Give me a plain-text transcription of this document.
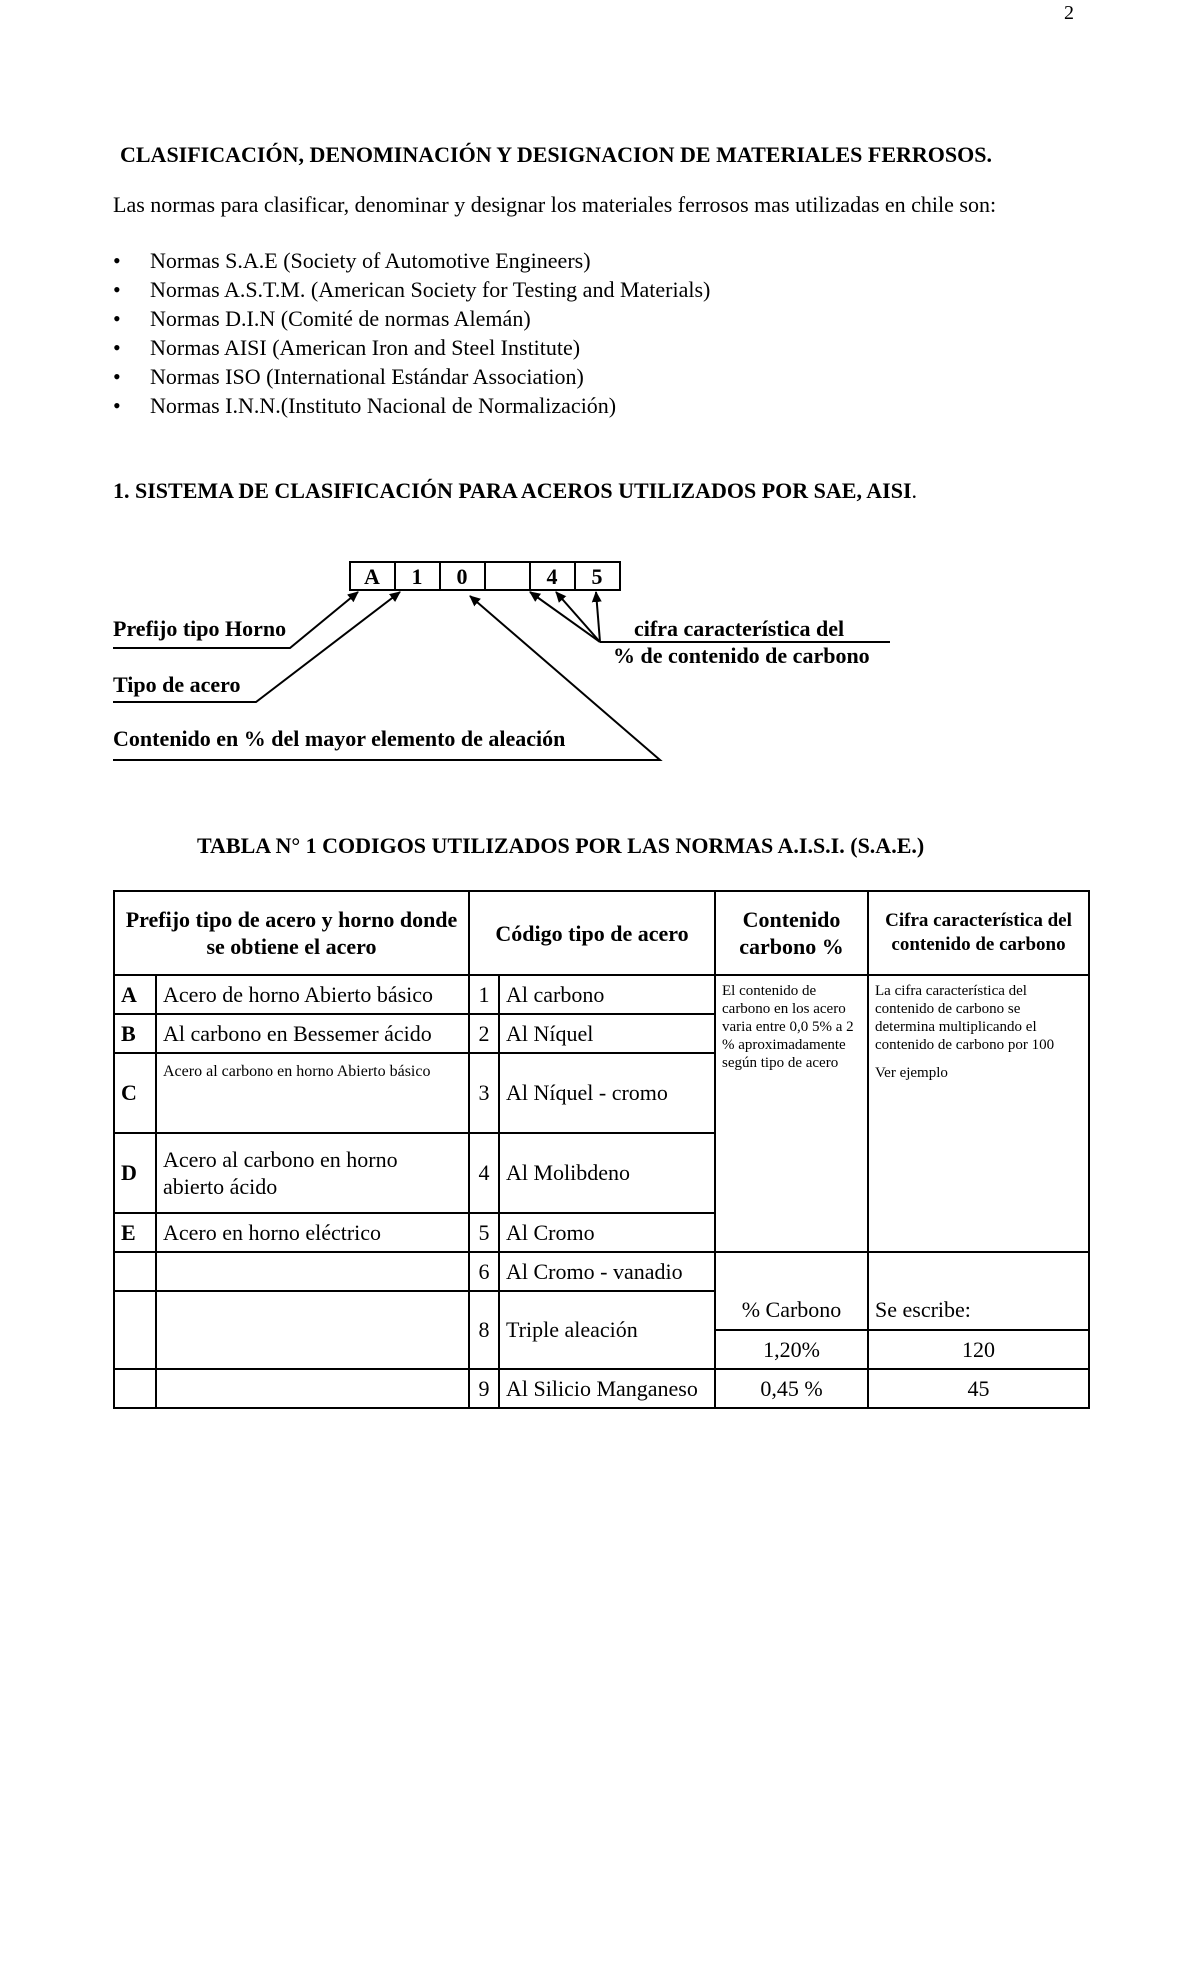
2
CLASIFICACIÓN, DENOMINACIÓN Y DESIGNACION DE MATERIALES FERROSOS.
Las normas para clasificar, denominar y designar los materiales ferrosos mas utilizadas en chile son:
• Normas S.A.E (Society of Automotive Engineers)
• Normas A.S.T.M. (American Society for Testing and Materials)
• Normas D.I.N (Comité de normas Alemán)
• Normas AISI (American Iron and Steel Institute)
• Normas ISO (International Estándar Association)
• Normas I.N.N.(Instituto Nacional de Normalización)
1. SISTEMA DE CLASIFICACIÓN PARA ACEROS UTILIZADOS POR SAE, AISI.
A 1 0	4 5
Prefijo tipo Horno
Tipo de acero
Contenido en % del mayor elemento de aleación
cifra característica del
% de contenido de carbono
TABLA N° 1 CODIGOS UTILIZADOS POR LAS NORMAS A.I.S.I. (S.A.E.)
Prefijo tipo de acero y horno donde se obtiene el acero		Código tipo de acero		Contenido carbono %	Cifra característica del contenido de carbono
A	Acero de horno Abierto básico	1	Al carbono	El contenido de carbono en los acero varia entre 0,0 5% a 2 % aproximadamente según tipo de acero	La cifra característica del contenido de carbono se determina multiplicando el contenido de carbono por 100
Ver ejemplo

B	Al carbono en Bessemer ácido	2	Al Níquel		
C	Acero al carbono en horno Abierto básico	3	Al Níquel - cromo		
D	Acero al carbono en horno abierto ácido	4	Al Molibdeno		
E	Acero en horno eléctrico	5	Al Cromo		
		6	Al Cromo - vanadio		
		8	Triple aleación	% Carbono	Se escribe:
				1,20%	120
		9	Al Silicio Manganeso	0,45 %	45
